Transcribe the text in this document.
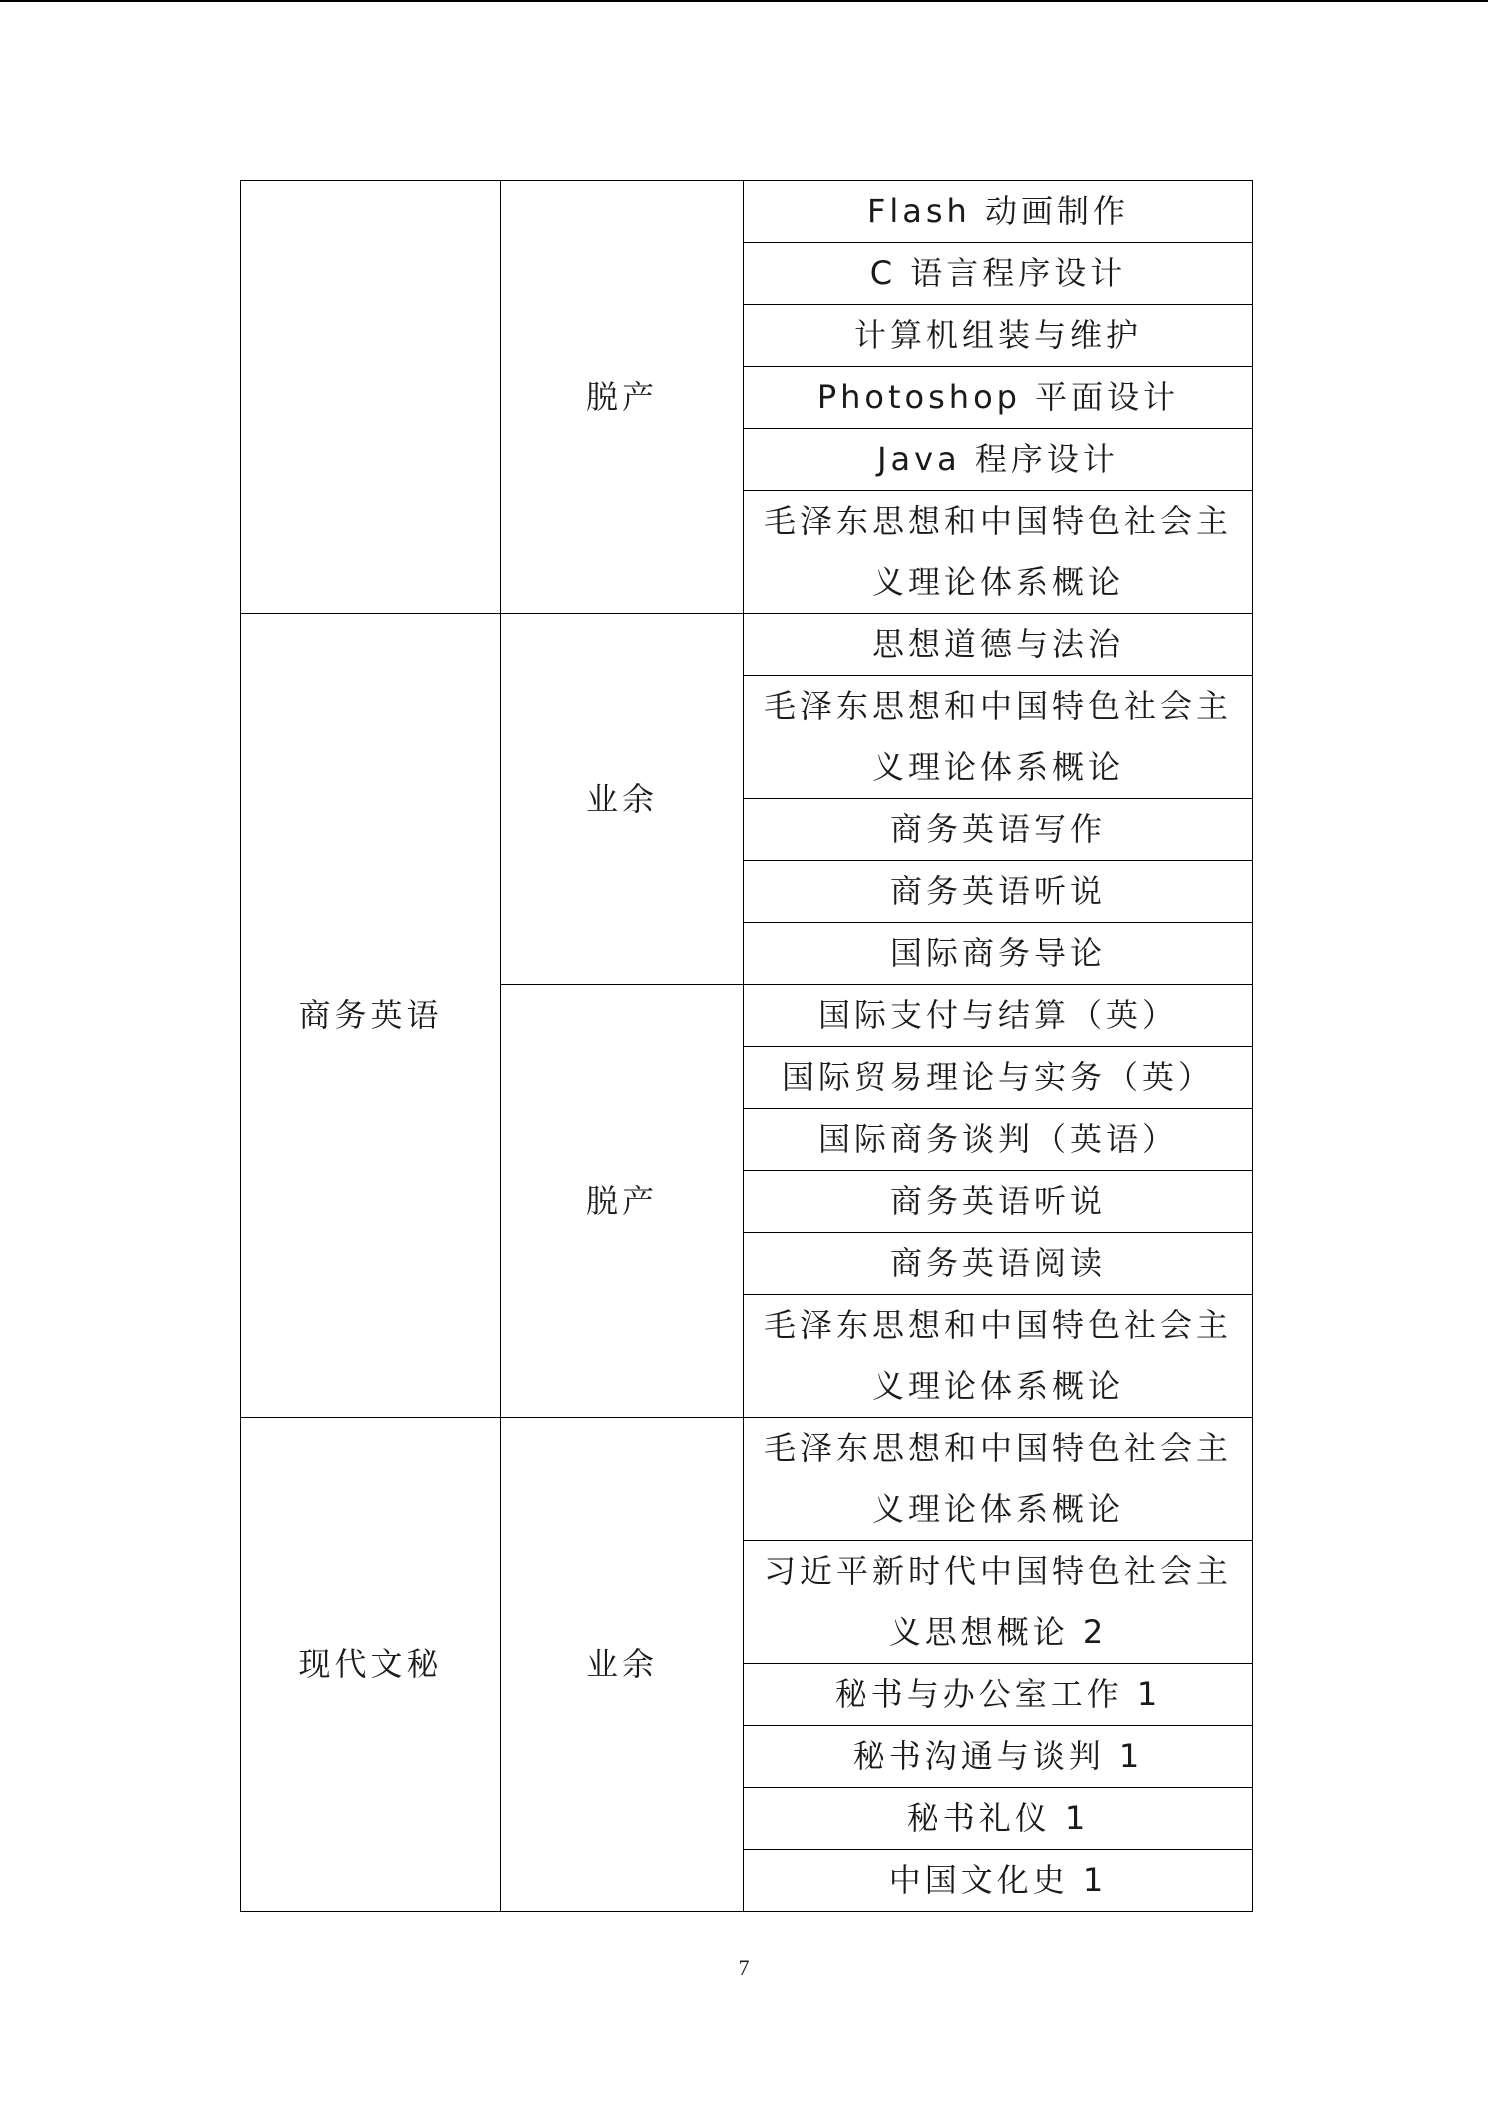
	脱产	Flash 动画制作
		C 语言程序设计
		计算机组装与维护
		Photoshop 平面设计
		Java 程序设计
		毛泽东思想和中国特色社会主义理论体系概论
商务英语	业余	思想道德与法治
		毛泽东思想和中国特色社会主义理论体系概论
		商务英语写作
		商务英语听说
		国际商务导论
	脱产	国际支付与结算（英）
		国际贸易理论与实务（英）
		国际商务谈判（英语）
		商务英语听说
		商务英语阅读
		毛泽东思想和中国特色社会主义理论体系概论
现代文秘	业余	毛泽东思想和中国特色社会主义理论体系概论
		习近平新时代中国特色社会主义思想概论 2
		秘书与办公室工作 1
		秘书沟通与谈判 1
		秘书礼仪 1
		中国文化史 1
7
